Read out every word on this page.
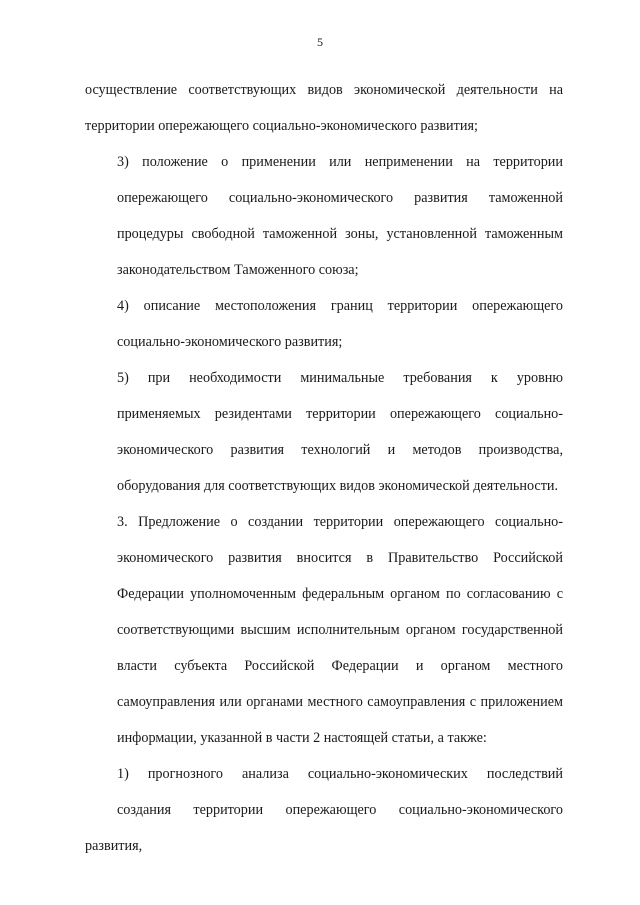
5

осуществление соответствующих видов экономической деятельности на
территории опережающего социально-экономического развития;

3) положение о применении или неприменении на территории
опережающего социально-экономического развития таможенной
процедуры свободной таможенной зоны, установленной таможенным
законодательством Таможенного союза;

4) описание местоположения границ территории опережающего
социально-экономического развития;

5) при необходимости минимальные требования к уровню
применяемых резидентами территории опережающего социально-
экономического развития технологий и методов производства,
оборудования для соответствующих видов экономической деятельности.

3. Предложение о создании территории опережающего социально-
экономического развития вносится в Правительство Российской
Федерации уполномоченным федеральным органом по согласованию с
соответствующими высшим исполнительным органом государственной
власти субъекта Российской Федерации и органом местного
самоуправления или органами местного самоуправления с приложением
информации, указанной в части 2 настоящей статьи, а также:

1) прогнозного анализа социально-экономических последствий
создания территории опережающего социально-экономического развития,
